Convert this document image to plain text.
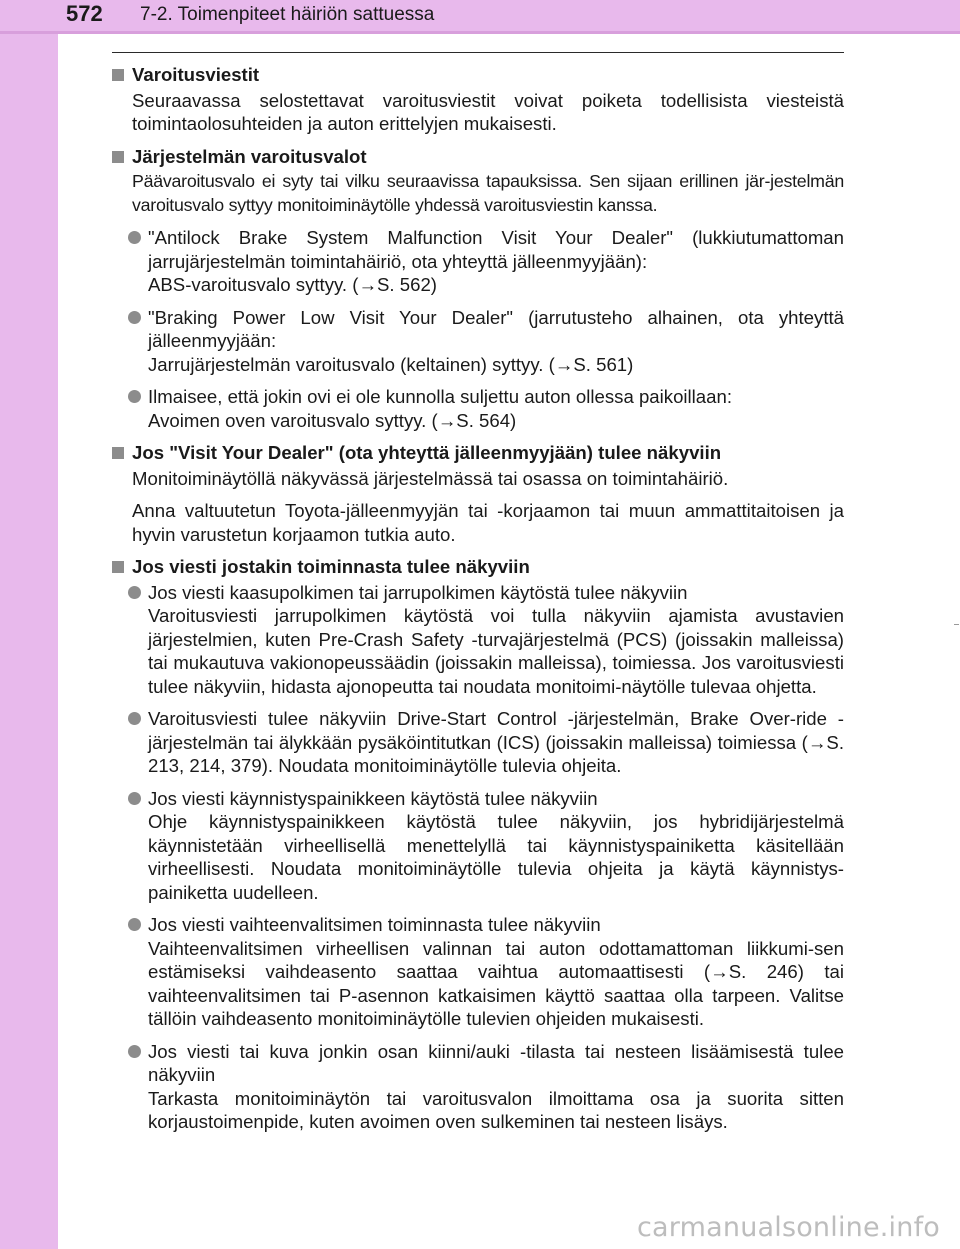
572 7-2. Toimenpiteet häiriön sattuessa
Varoitusviestit
Seuraavassa selostettavat varoitusviestit voivat poiketa todellisista viesteistä toimintaolosuhteiden ja auton erittelyjen mukaisesti.
Järjestelmän varoitusvalot
Päävaroitusvalo ei syty tai vilku seuraavissa tapauksissa. Sen sijaan erillinen jär-jestelmän varoitusvalo syttyy monitoiminäytölle yhdessä varoitusviestin kanssa.
"Antilock Brake System Malfunction Visit Your Dealer" (lukkiutumattoman jarrujärjestelmän toimintahäiriö, ota yhteyttä jälleenmyyjään):
ABS-varoitusvalo syttyy. (→S. 562)
"Braking Power Low Visit Your Dealer" (jarrutusteho alhainen, ota yhteyttä jälleenmyyjään:
Jarrujärjestelmän varoitusvalo (keltainen) syttyy. (→S. 561)
Ilmaisee, että jokin ovi ei ole kunnolla suljettu auton ollessa paikoillaan:
Avoimen oven varoitusvalo syttyy. (→S. 564)
Jos "Visit Your Dealer" (ota yhteyttä jälleenmyyjään) tulee näkyviin
Monitoiminäytöllä näkyvässä järjestelmässä tai osassa on toimintahäiriö.
Anna valtuutetun Toyota-jälleenmyyjän tai -korjaamon tai muun ammattitaitoisen ja hyvin varustetun korjaamon tutkia auto.
Jos viesti jostakin toiminnasta tulee näkyviin
Jos viesti kaasupolkimen tai jarrupolkimen käytöstä tulee näkyviin
Varoitusviesti jarrupolkimen käytöstä voi tulla näkyviin ajamista avustavien järjestelmien, kuten Pre-Crash Safety -turvajärjestelmä (PCS) (joissakin malleissa) tai mukautuva vakionopeussäädin (joissakin malleissa), toimiessa. Jos varoitusviesti tulee näkyviin, hidasta ajonopeutta tai noudata monitoimi-näytölle tulevaa ohjetta.
Varoitusviesti tulee näkyviin Drive-Start Control -järjestelmän, Brake Over-ride -järjestelmän tai älykkään pysäköintitutkan (ICS) (joissakin malleissa) toimiessa (→S. 213, 214, 379). Noudata monitoiminäytölle tulevia ohjeita.
Jos viesti käynnistyspainikkeen käytöstä tulee näkyviin
Ohje käynnistyspainikkeen käytöstä tulee näkyviin, jos hybridijärjestelmä käynnistetään virheellisellä menettelyllä tai käynnistyspainiketta käsitellään virheellisesti. Noudata monitoiminäytölle tulevia ohjeita ja käytä käynnistys-painiketta uudelleen.
Jos viesti vaihteenvalitsimen toiminnasta tulee näkyviin
Vaihteenvalitsimen virheellisen valinnan tai auton odottamattoman liikkumi-sen estämiseksi vaihdeasento saattaa vaihtua automaattisesti (→S. 246) tai vaihteenvalitsimen tai P-asennon katkaisimen käyttö saattaa olla tarpeen. Valitse tällöin vaihdeasento monitoiminäytölle tulevien ohjeiden mukaisesti.
Jos viesti tai kuva jonkin osan kiinni/auki -tilasta tai nesteen lisäämisestä tulee näkyviin
Tarkasta monitoiminäytön tai varoitusvalon ilmoittama osa ja suorita sitten korjaustoimenpide, kuten avoimen oven sulkeminen tai nesteen lisäys.
carmanualsonline.info
